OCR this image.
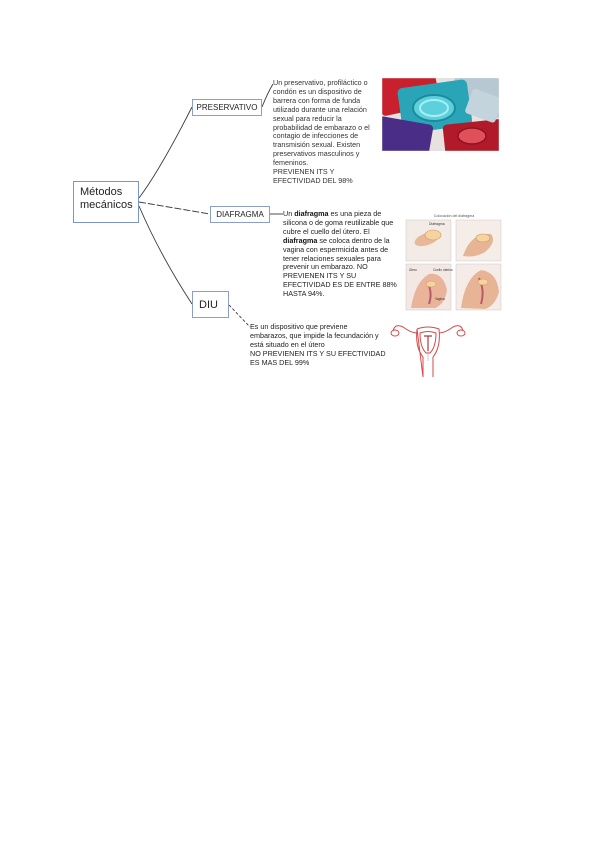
Métodos mecánicos
PRESERVATIVO
DIAFRAGMA
DIU
Un preservativo, profiláctico o condón es un dispositivo de barrera con forma de funda utilizado durante una relación sexual para reducir la probabilidad de embarazo o el contagio de infecciones de transmisión sexual. Existen preservativos masculinos y femeninos.
PREVIENEN ITS Y EFECTIVIDAD DEL 98%
Un diafragma es una pieza de silicona o de goma reutilizable que cubre el cuello del útero. El diafragma se coloca dentro de la vagina con espermicida antes de tener relaciones sexuales para prevenir un embarazo. NO PREVIENEN ITS Y SU EFECTIVIDAD ES DE ENTRE 88% HASTA 94%.
Es un dispositivo que previene embarazos, que impide la fecundación y está situado en el útero
NO PREVIENEN ITS Y SU EFECTIVIDAD ES MAS DEL 99%
Colocación del diafragma
Diafragma
Útero	Cuello uterino
Vagina
